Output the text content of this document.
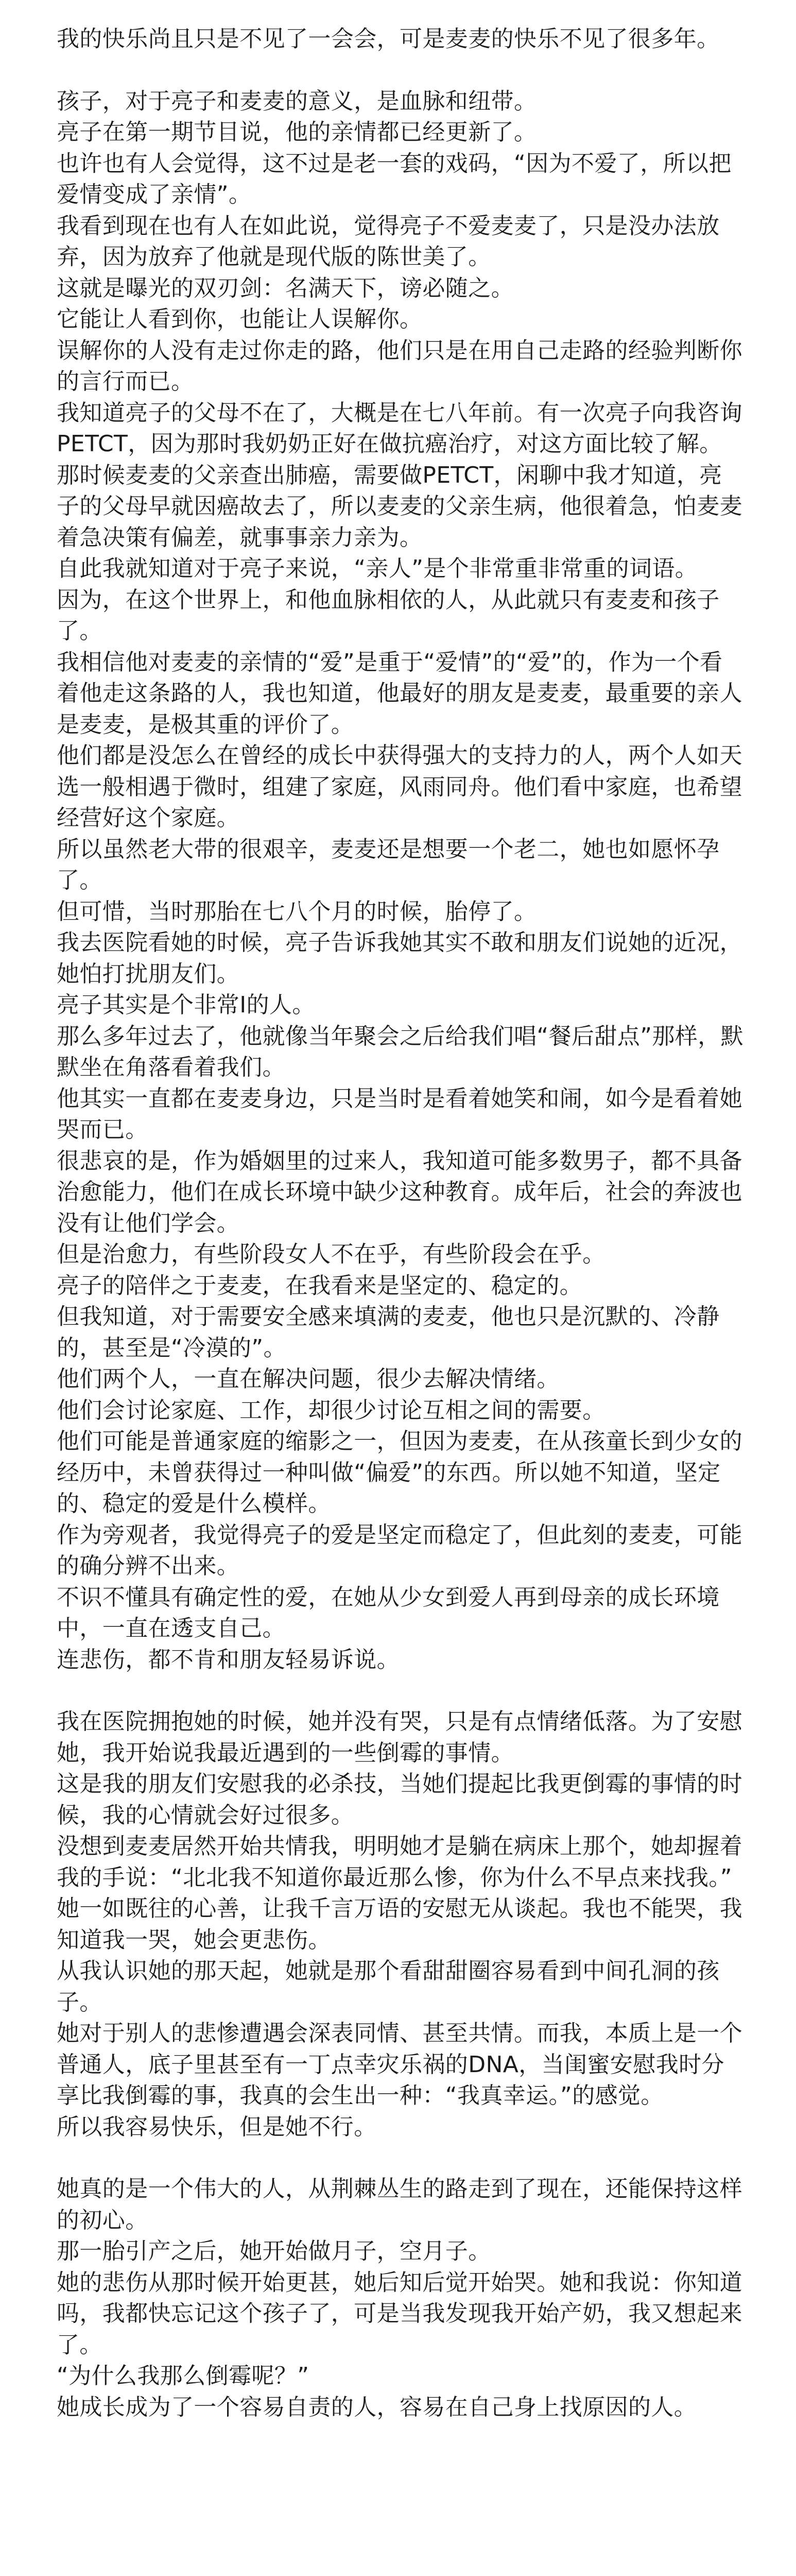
我的快乐尚且只是不见了一会会，可是麦麦的快乐不见了很多年。

孩子，对于亮子和麦麦的意义，是血脉和纽带。

亮子在第一期节目说，他的亲情都已经更新了。

也许也有人会觉得，这不过是老一套的戏码，“因为不爱了，所以把爱情变成了亲情”。

我看到现在也有人在如此说，觉得亮子不爱麦麦了，只是没办法放弃，因为放弃了他就是现代版的陈世美了。

这就是曝光的双刃剑：名满天下，谤必随之。

它能让人看到你，也能让人误解你。

误解你的人没有走过你走的路，他们只是在用自己走路的经验判断你的言行而已。

我知道亮子的父母不在了，大概是在七八年前。有一次亮子向我咨询PETCT，因为那时我奶奶正好在做抗癌治疗，对这方面比较了解。

那时候麦麦的父亲查出肺癌，需要做PETCT，闲聊中我才知道，亮子的父母早就因癌故去了，所以麦麦的父亲生病，他很着急，怕麦麦着急决策有偏差，就事事亲力亲为。

自此我就知道对于亮子来说，“亲人”是个非常重非常重的词语。

因为，在这个世界上，和他血脉相依的人，从此就只有麦麦和孩子了。

我相信他对麦麦的亲情的“爱”是重于“爱情”的“爱”的，作为一个看着他走这条路的人，我也知道，他最好的朋友是麦麦，最重要的亲人是麦麦，是极其重的评价了。

他们都是没怎么在曾经的成长中获得强大的支持力的人，两个人如天选一般相遇于微时，组建了家庭，风雨同舟。他们看中家庭，也希望经营好这个家庭。

所以虽然老大带的很艰辛，麦麦还是想要一个老二，她也如愿怀孕了。

但可惜，当时那胎在七八个月的时候，胎停了。

我去医院看她的时候，亮子告诉我她其实不敢和朋友们说她的近况，她怕打扰朋友们。

亮子其实是个非常I的人。

那么多年过去了，他就像当年聚会之后给我们唱“餐后甜点”那样，默默坐在角落看着我们。

他其实一直都在麦麦身边，只是当时是看着她笑和闹，如今是看着她哭而已。

很悲哀的是，作为婚姻里的过来人，我知道可能多数男子，都不具备治愈能力，他们在成长环境中缺少这种教育。成年后，社会的奔波也没有让他们学会。

但是治愈力，有些阶段女人不在乎，有些阶段会在乎。

亮子的陪伴之于麦麦，在我看来是坚定的、稳定的。

但我知道，对于需要安全感来填满的麦麦，他也只是沉默的、冷静的，甚至是“冷漠的”。

他们两个人，一直在解决问题，很少去解决情绪。

他们会讨论家庭、工作，却很少讨论互相之间的需要。

他们可能是普通家庭的缩影之一，但因为麦麦，在从孩童长到少女的经历中，未曾获得过一种叫做“偏爱”的东西。所以她不知道，坚定的、稳定的爱是什么模样。

作为旁观者，我觉得亮子的爱是坚定而稳定了，但此刻的麦麦，可能的确分辨不出来。

不识不懂具有确定性的爱，在她从少女到爱人再到母亲的成长环境中，一直在透支自己。

连悲伤，都不肯和朋友轻易诉说。

我在医院拥抱她的时候，她并没有哭，只是有点情绪低落。为了安慰她，我开始说我最近遇到的一些倒霉的事情。

这是我的朋友们安慰我的必杀技，当她们提起比我更倒霉的事情的时候，我的心情就会好过很多。

没想到麦麦居然开始共情我，明明她才是躺在病床上那个，她却握着我的手说：“北北我不知道你最近那么惨，你为什么不早点来找我。”

她一如既往的心善，让我千言万语的安慰无从谈起。我也不能哭，我知道我一哭，她会更悲伤。

从我认识她的那天起，她就是那个看甜甜圈容易看到中间孔洞的孩子。

她对于别人的悲惨遭遇会深表同情、甚至共情。而我，本质上是一个普通人，底子里甚至有一丁点幸灾乐祸的DNA，当闺蜜安慰我时分享比我倒霉的事，我真的会生出一种：“我真幸运。”的感觉。

所以我容易快乐，但是她不行。

她真的是一个伟大的人，从荆棘丛生的路走到了现在，还能保持这样的初心。

那一胎引产之后，她开始做月子，空月子。

她的悲伤从那时候开始更甚，她后知后觉开始哭。她和我说：你知道吗，我都快忘记这个孩子了，可是当我发现我开始产奶，我又想起来了。

“为什么我那么倒霉呢？”

她成长成为了一个容易自责的人，容易在自己身上找原因的人。
